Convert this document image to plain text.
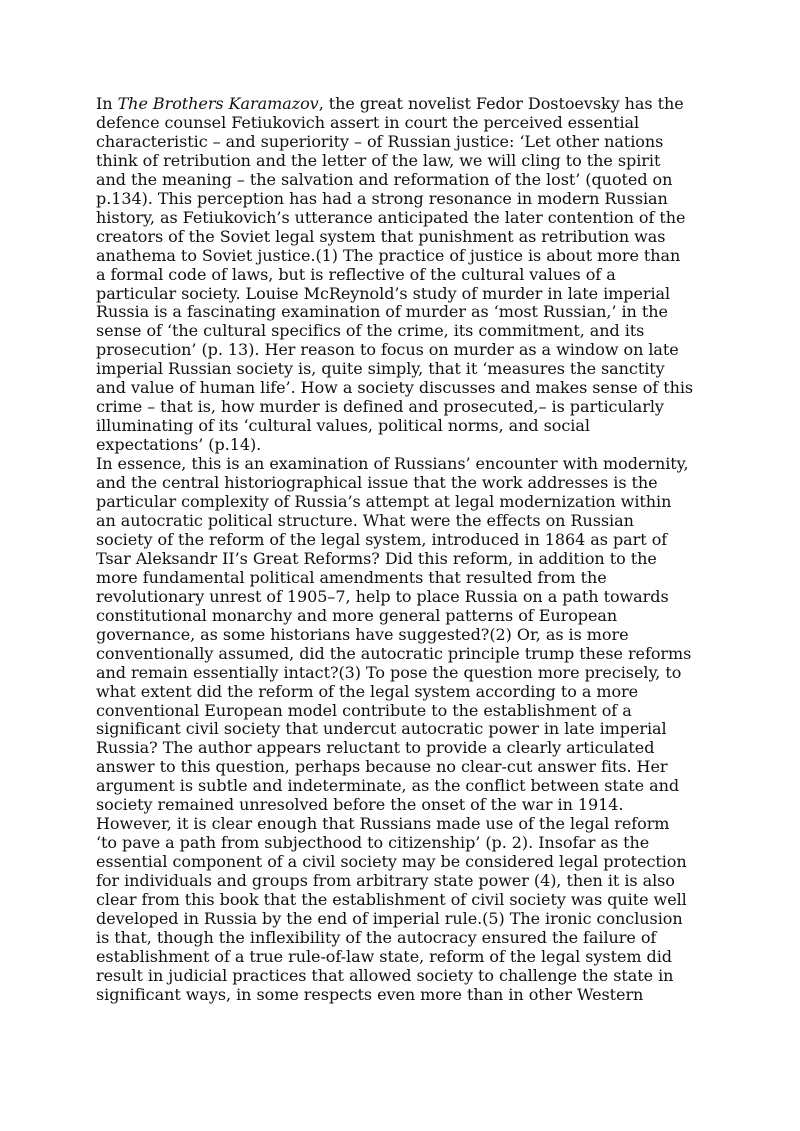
In The Brothers Karamazov, the great novelist Fedor Dostoevsky has the
defence counsel Fetiukovich assert in court the perceived essential
characteristic – and superiority – of Russian justice: ‘Let other nations
think of retribution and the letter of the law, we will cling to the spirit
and the meaning – the salvation and reformation of the lost’ (quoted on
p.134). This perception has had a strong resonance in modern Russian
history, as Fetiukovich’s utterance anticipated the later contention of the
creators of the Soviet legal system that punishment as retribution was
anathema to Soviet justice.(1) The practice of justice is about more than
a formal code of laws, but is reflective of the cultural values of a
particular society. Louise McReynold’s study of murder in late imperial
Russia is a fascinating examination of murder as ‘most Russian,’ in the
sense of ‘the cultural specifics of the crime, its commitment, and its
prosecution’ (p. 13). Her reason to focus on murder as a window on late
imperial Russian society is, quite simply, that it ‘measures the sanctity
and value of human life’. How a society discusses and makes sense of this
crime – that is, how murder is defined and prosecuted,– is particularly
illuminating of its ‘cultural values, political norms, and social
expectations’ (p.14).

In essence, this is an examination of Russians’ encounter with modernity,
and the central historiographical issue that the work addresses is the
particular complexity of Russia’s attempt at legal modernization within
an autocratic political structure. What were the effects on Russian
society of the reform of the legal system, introduced in 1864 as part of
Tsar Aleksandr II’s Great Reforms? Did this reform, in addition to the
more fundamental political amendments that resulted from the
revolutionary unrest of 1905–7, help to place Russia on a path towards
constitutional monarchy and more general patterns of European
governance, as some historians have suggested?(2) Or, as is more
conventionally assumed, did the autocratic principle trump these reforms
and remain essentially intact?(3) To pose the question more precisely, to
what extent did the reform of the legal system according to a more
conventional European model contribute to the establishment of a
significant civil society that undercut autocratic power in late imperial
Russia? The author appears reluctant to provide a clearly articulated
answer to this question, perhaps because no clear-cut answer fits. Her
argument is subtle and indeterminate, as the conflict between state and
society remained unresolved before the onset of the war in 1914.
However, it is clear enough that Russians made use of the legal reform
‘to pave a path from subjecthood to citizenship’ (p. 2). Insofar as the
essential component of a civil society may be considered legal protection
for individuals and groups from arbitrary state power (4), then it is also
clear from this book that the establishment of civil society was quite well
developed in Russia by the end of imperial rule.(5) The ironic conclusion
is that, though the inflexibility of the autocracy ensured the failure of
establishment of a true rule-of-law state, reform of the legal system did
result in judicial practices that allowed society to challenge the state in
significant ways, in some respects even more than in other Western
